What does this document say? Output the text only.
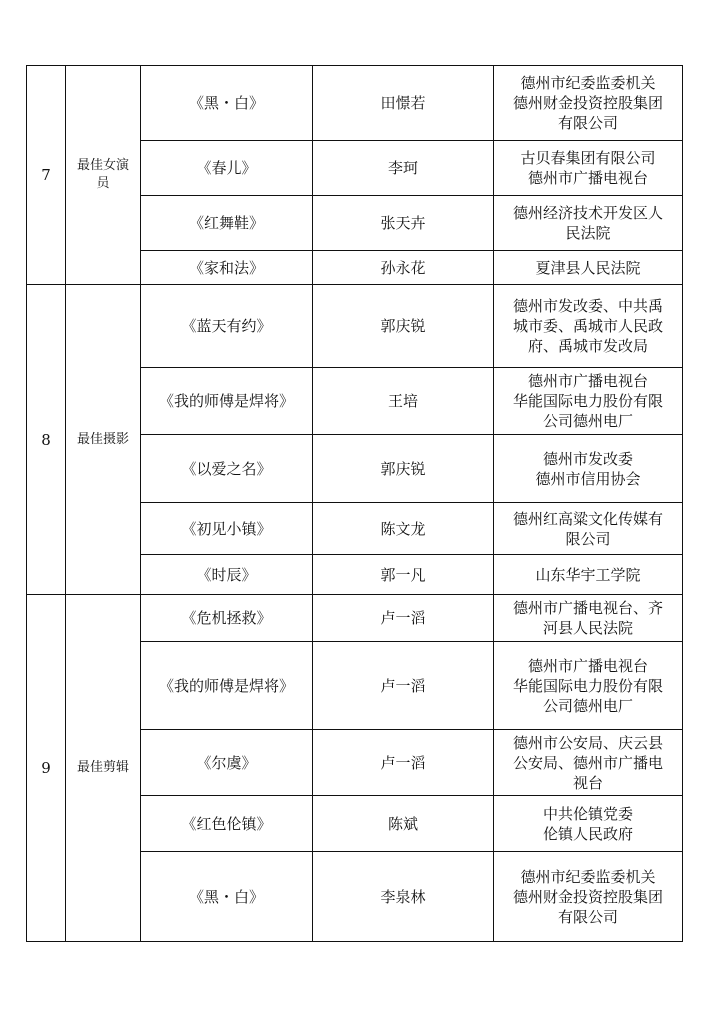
7	最佳女演员	《黑・白》	田憬若	德州市纪委监委机关
德州财金投资控股集团
有限公司
		《春儿》	李珂	古贝春集团有限公司
德州市广播电视台
		《红舞鞋》	张天卉	德州经济技术开发区人
民法院
		《家和法》	孙永花	夏津县人民法院
8	最佳摄影	《蓝天有约》	郭庆锐	德州市发改委、中共禹
城市委、禹城市人民政
府、禹城市发改局
		《我的师傅是焊将》	王培	德州市广播电视台
华能国际电力股份有限
公司德州电厂
		《以爱之名》	郭庆锐	德州市发改委
德州市信用协会
		《初见小镇》	陈文龙	德州红高粱文化传媒有
限公司
		《时辰》	郭一凡	山东华宇工学院
9	最佳剪辑	《危机拯救》	卢一滔	德州市广播电视台、齐
河县人民法院
		《我的师傅是焊将》	卢一滔	德州市广播电视台
华能国际电力股份有限
公司德州电厂
		《尔虞》	卢一滔	德州市公安局、庆云县
公安局、德州市广播电
视台
		《红色伦镇》	陈斌	中共伦镇党委
伦镇人民政府
		《黑・白》	李泉林	德州市纪委监委机关
德州财金投资控股集团
有限公司
